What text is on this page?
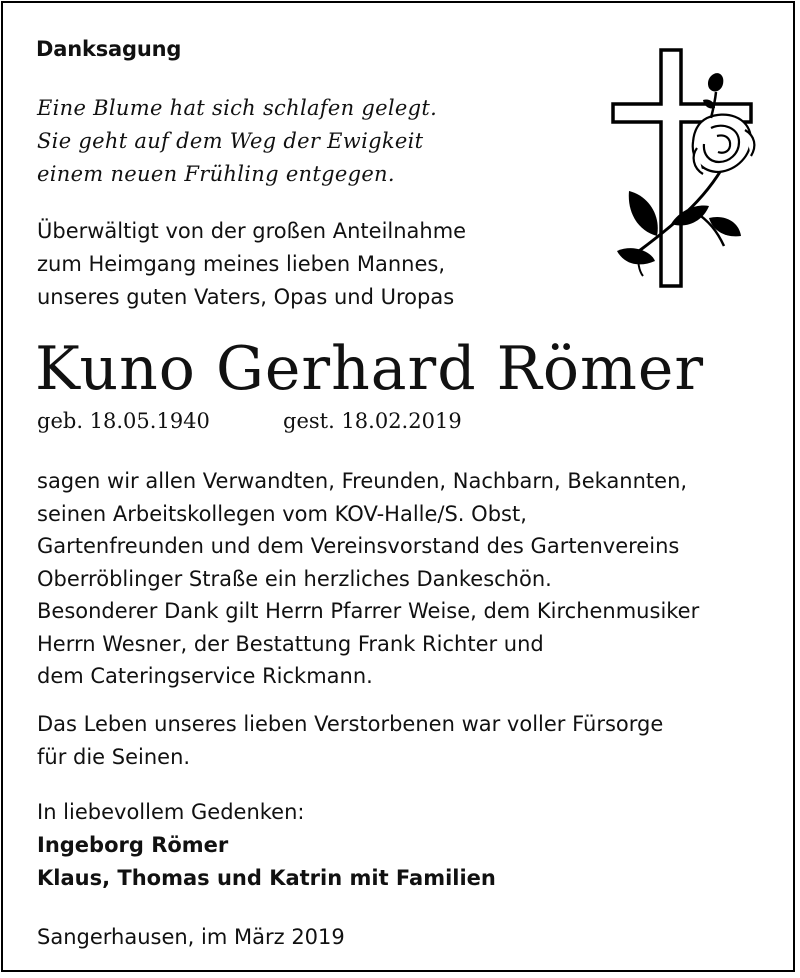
Danksagung
Eine Blume hat sich schlafen gelegt.
Sie geht auf dem Weg der Ewigkeit
einem neuen Frühling entgegen.
Überwältigt von der großen Anteilnahme
zum Heimgang meines lieben Mannes,
unseres guten Vaters, Opas und Uropas
Kuno Gerhard Römer
geb. 18.05.1940	gest. 18.02.2019
sagen wir allen Verwandten, Freunden, Nachbarn, Bekannten,
seinen Arbeitskollegen vom KOV-Halle/S. Obst,
Gartenfreunden und dem Vereinsvorstand des Gartenvereins
Oberröblinger Straße ein herzliches Dankeschön.
Besonderer Dank gilt Herrn Pfarrer Weise, dem Kirchenmusiker
Herrn Wesner, der Bestattung Frank Richter und
dem Cateringservice Rickmann.
Das Leben unseres lieben Verstorbenen war voller Fürsorge
für die Seinen.
In liebevollem Gedenken:
Ingeborg Römer
Klaus, Thomas und Katrin mit Familien
Sangerhausen, im März 2019
